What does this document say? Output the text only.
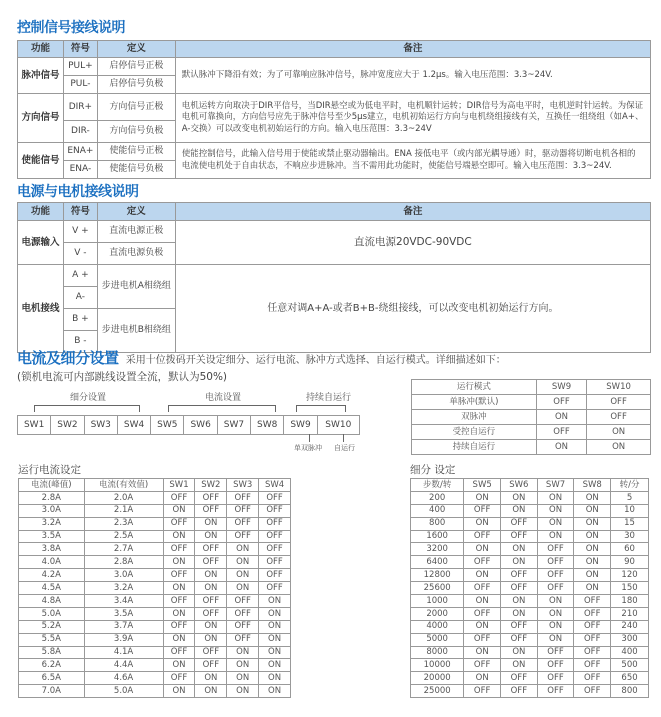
控制信号接线说明
功能	符号	定义	备注
脉冲信号	PUL+	启停信号正极	默认脉冲下降沿有效；为了可靠响应脉冲信号，脉冲宽度应大于 1.2μs。输入电压范围：3.3~24V.
	PUL-	启停信号负极	
方向信号	DIR+	方向信号正极	电机运转方向取决于DIR平信号，当DIR悬空或为低电平时，电机顺针运转；DIR信号为高电平时，电机逆时针运转。为保证电机可靠换向，方向信号应先于脉冲信号至少5μs建立，电机初始运行方向与电机绕组接线有关，互换任一组绕组（如A+、A-交换）可以改变电机初始运行的方向。输入电压范围：3.3~24V
	DIR-	方向信号负极	
使能信号	ENA+	使能信号正极	使能控制信号，此输入信号用于使能或禁止驱动器输出。ENA 接低电平（或内部光耦导通）时，驱动器将切断电机各相的电流使电机处于自由状态，不响应步进脉冲。当不需用此功能时，使能信号端悬空即可。输入电压范围：3.3~24V.
	ENA-	使能信号负极	
电源与电机接线说明
功能	符号	定义	备注
电源输入	V +	直流电源正极	直流电源20VDC-90VDC
	V -	直流电源负极	
电机接线	A +	步进电机A相绕组	任意对调A+A-或者B+B-绕组接线，可以改变电机初始运行方向。
	A-		
	B +	步进电机B相绕组	
	B -		
电流及细分设置 采用十位拨码开关设定细分、运行电流、脉冲方式选择、自运行模式。详细描述如下：
(锁机电流可内部跳线设置全流，默认为50%)
细分设置	电流设置	持续自运行
SW1	SW2	SW3	SW4	SW5	SW6	SW7	SW8	SW9	SW10
单双脉冲 自运行
运行模式	SW9	SW10
单脉冲(默认)	OFF	OFF
双脉冲	ON	OFF
受控自运行	OFF	ON
持续自运行	ON	ON
运行电流设定
电流(峰值)	电流(有效值)	SW1	SW2	SW3	SW4
2.8A	2.0A	OFF	OFF	OFF	OFF
3.0A	2.1A	ON	OFF	OFF	OFF
3.2A	2.3A	OFF	ON	OFF	OFF
3.5A	2.5A	ON	ON	OFF	OFF
3.8A	2.7A	OFF	OFF	ON	OFF
4.0A	2.8A	ON	OFF	ON	OFF
4.2A	3.0A	OFF	ON	ON	OFF
4.5A	3.2A	ON	ON	ON	OFF
4.8A	3.4A	OFF	OFF	OFF	ON
5.0A	3.5A	ON	OFF	OFF	ON
5.2A	3.7A	OFF	ON	OFF	ON
5.5A	3.9A	ON	ON	OFF	ON
5.8A	4.1A	OFF	OFF	ON	ON
6.2A	4.4A	ON	OFF	ON	ON
6.5A	4.6A	OFF	ON	ON	ON
7.0A	5.0A	ON	ON	ON	ON
细分 设定
步数/转	SW5	SW6	SW7	SW8	转/分
200	ON	ON	ON	ON	5
400	OFF	ON	ON	ON	10
800	ON	OFF	ON	ON	15
1600	OFF	OFF	ON	ON	30
3200	ON	ON	OFF	ON	60
6400	OFF	ON	OFF	ON	90
12800	ON	OFF	OFF	ON	120
25600	OFF	OFF	OFF	ON	150
1000	ON	ON	ON	OFF	180
2000	OFF	ON	ON	OFF	210
4000	ON	OFF	ON	OFF	240
5000	OFF	OFF	ON	OFF	300
8000	ON	ON	OFF	OFF	400
10000	OFF	ON	OFF	OFF	500
20000	ON	OFF	OFF	OFF	650
25000	OFF	OFF	OFF	OFF	800
